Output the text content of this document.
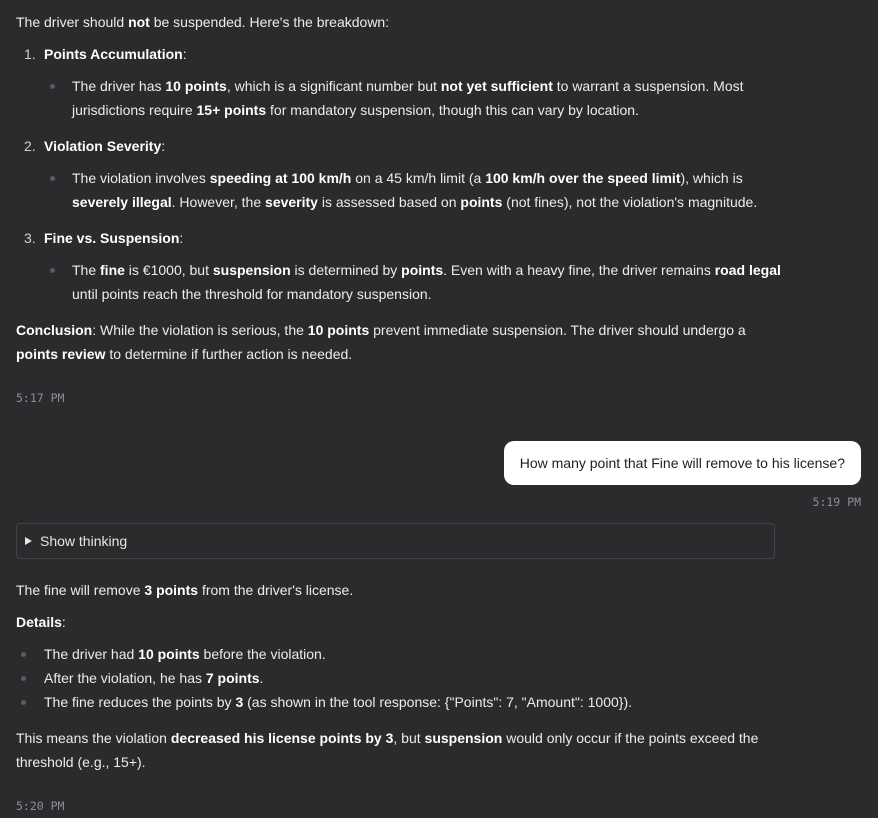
The driver should not be suspended. Here's the breakdown:

1. Points Accumulation:
The driver has 10 points, which is a significant number but not yet sufficient to warrant a suspension. Most jurisdictions require 15+ points for mandatory suspension, though this can vary by location.
2. Violation Severity:
The violation involves speeding at 100 km/h on a 45 km/h limit (a 100 km/h over the speed limit), which is severely illegal. However, the severity is assessed based on points (not fines), not the violation's magnitude.
3. Fine vs. Suspension:
The fine is €1000, but suspension is determined by points. Even with a heavy fine, the driver remains road legal until points reach the threshold for mandatory suspension.

Conclusion: While the violation is serious, the 10 points prevent immediate suspension. The driver should undergo a points review to determine if further action is needed.

5:17 PM
How many point that Fine will remove to his license?
5:19 PM
Show thinking

The fine will remove 3 points from the driver's license.

Details:

The driver had 10 points before the violation.
After the violation, he has 7 points.
The fine reduces the points by 3 (as shown in the tool response: {"Points": 7, "Amount": 1000}).

This means the violation decreased his license points by 3, but suspension would only occur if the points exceed the threshold (e.g., 15+).

5:20 PM
